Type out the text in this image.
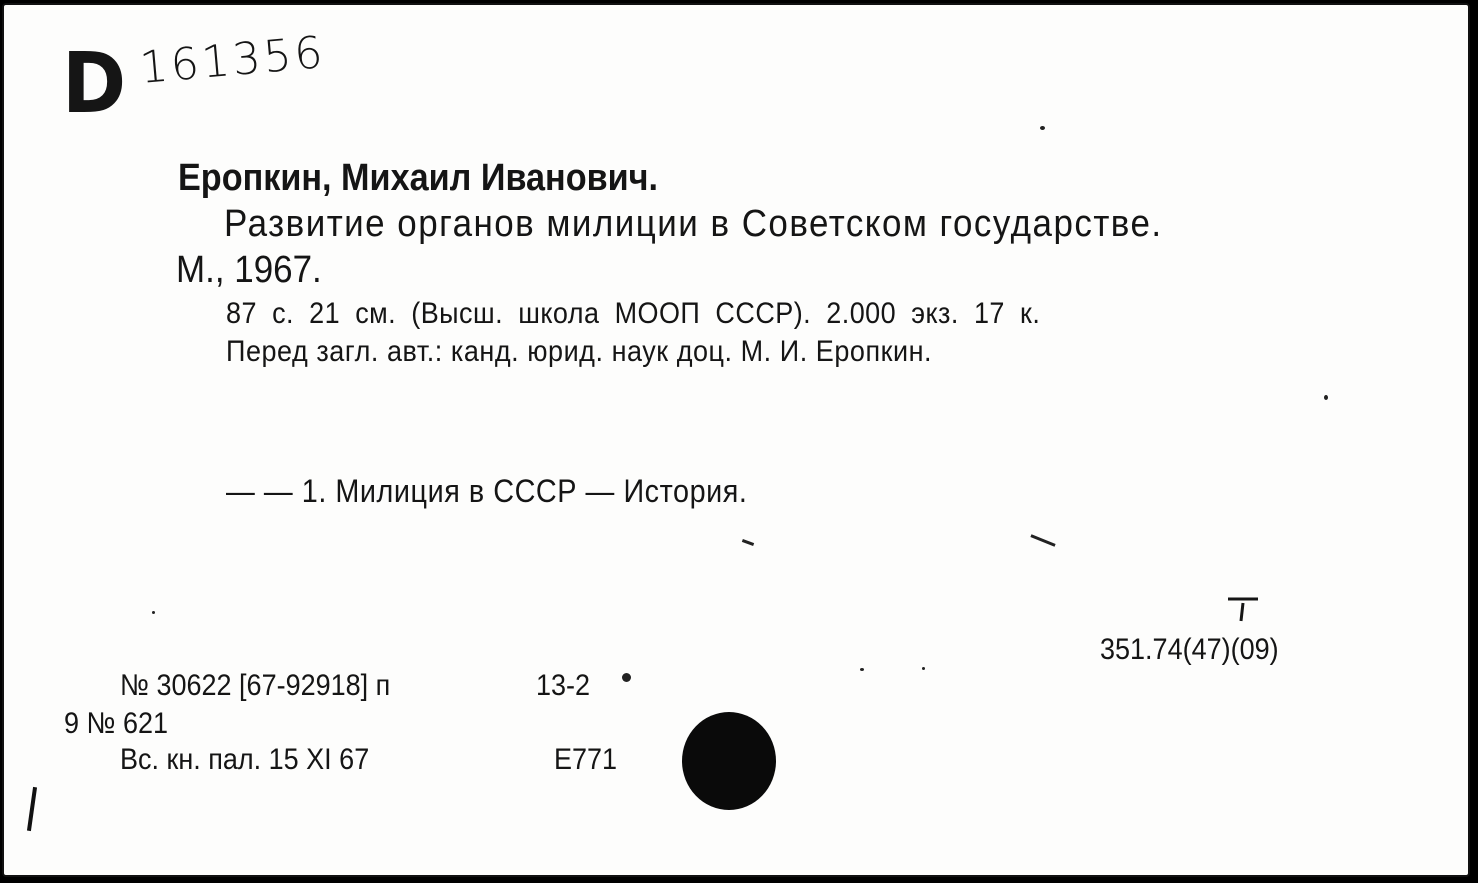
D 161356
Еропкин, Михаил Иванович.
Развитие органов милиции в Советском государстве.
М., 1967.
87 с. 21 см. (Высш. школа МООП СССР). 2.000 экз. 17 к.
Перед загл. авт.: канд. юрид. наук доц. М. И. Еропкин.
— — 1. Милиция в СССР — История.
351.74(47)(09)
№ 30622 [67-92918] п	13-2
9 № 621
Вс. кн. пал. 15 XI 67	Е771
